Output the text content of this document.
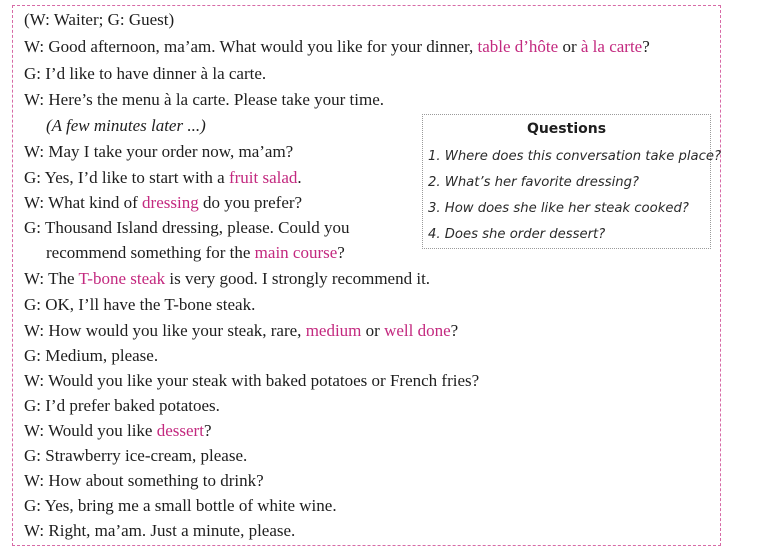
(W: Waiter; G: Guest)
W: Good afternoon, ma’am. What would you like for your dinner, table d’hôte or à la carte?
G: I’d like to have dinner à la carte.
W: Here’s the menu à la carte. Please take your time.
(A few minutes later ...)
W: May I take your order now, ma’am?
G: Yes, I’d like to start with a fruit salad.
W: What kind of dressing do you prefer?
G: Thousand Island dressing, please. Could you
recommend something for the main course?
W: The T-bone steak is very good. I strongly recommend it.
G: OK, I’ll have the T-bone steak.
W: How would you like your steak, rare, medium or well done?
G: Medium, please.
W: Would you like your steak with baked potatoes or French fries?
G: I’d prefer baked potatoes.
W: Would you like dessert?
G: Strawberry ice-cream, please.
W: How about something to drink?
G: Yes, bring me a small bottle of white wine.
W: Right, ma’am. Just a minute, please.
Questions
1. Where does this conversation take place?
2. What’s her favorite dressing?
3. How does she like her steak cooked?
4. Does she order dessert?
